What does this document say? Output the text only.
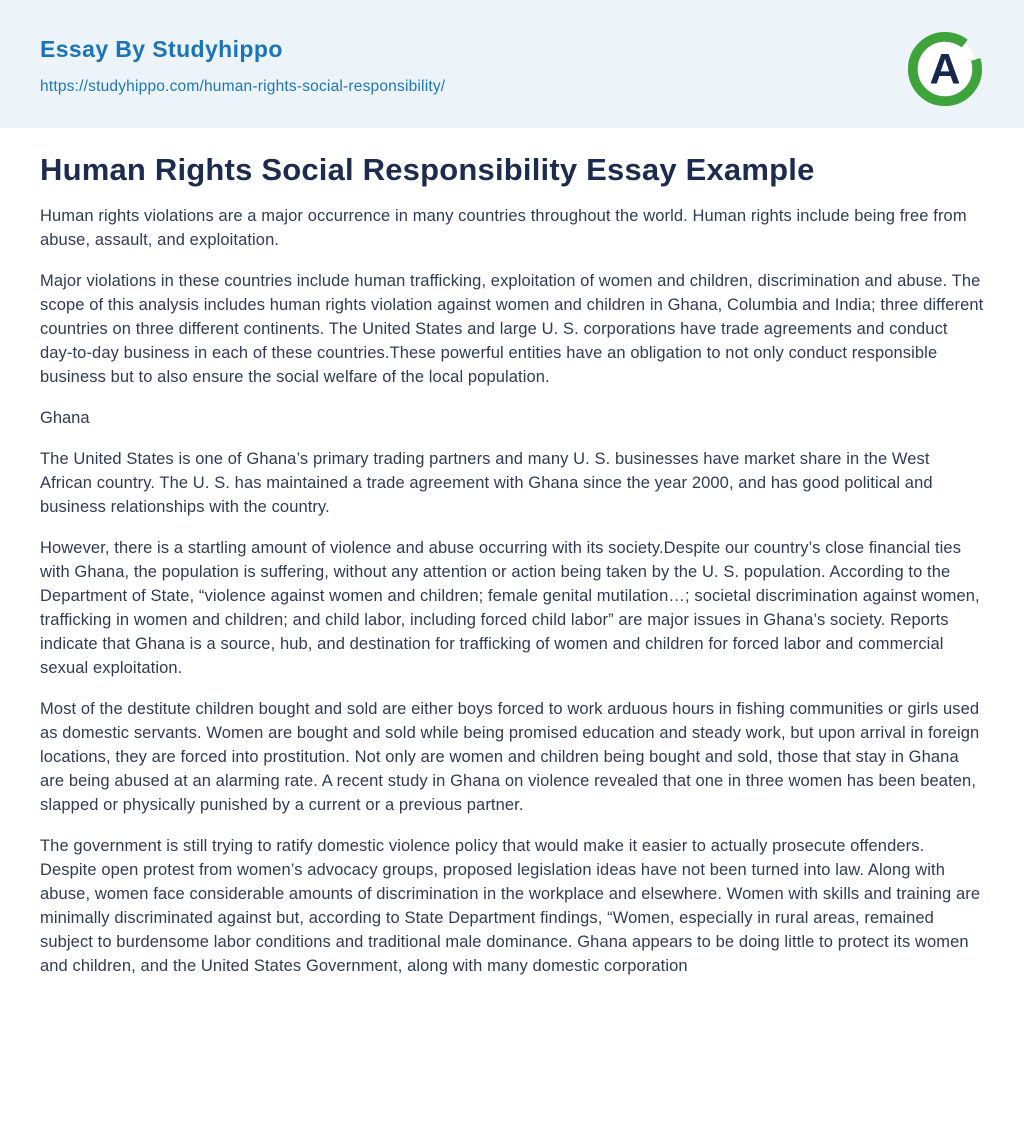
Essay By Studyhippo
https://studyhippo.com/human-rights-social-responsibility/	A
Human Rights Social Responsibility Essay Example

Human rights violations are a major occurrence in many countries throughout the world. Human rights include being free from abuse, assault, and exploitation.

Major violations in these countries include human trafficking, exploitation of women and children, discrimination and abuse. The scope of this analysis includes human rights violation against women and children in Ghana, Columbia and India; three different countries on three different continents. The United States and large U. S. corporations have trade agreements and conduct day-to-day business in each of these countries.These powerful entities have an obligation to not only conduct responsible business but to also ensure the social welfare of the local population.

Ghana

The United States is one of Ghana’s primary trading partners and many U. S. businesses have market share in the West African country. The U. S. has maintained a trade agreement with Ghana since the year 2000, and has good political and business relationships with the country.

However, there is a startling amount of violence and abuse occurring with its society.Despite our country’s close financial ties with Ghana, the population is suffering, without any attention or action being taken by the U. S. population. According to the Department of State, “violence against women and children; female genital mutilation…; societal discrimination against women, trafficking in women and children; and child labor, including forced child labor” are major issues in Ghana’s society. Reports indicate that Ghana is a source, hub, and destination for trafficking of women and children for forced labor and commercial sexual exploitation.

Most of the destitute children bought and sold are either boys forced to work arduous hours in fishing communities or girls used as domestic servants. Women are bought and sold while being promised education and steady work, but upon arrival in foreign locations, they are forced into prostitution. Not only are women and children being bought and sold, those that stay in Ghana are being abused at an alarming rate. A recent study in Ghana on violence revealed that one in three women has been beaten, slapped or physically punished by a current or a previous partner.

The government is still trying to ratify domestic violence policy that would make it easier to actually prosecute offenders. Despite open protest from women’s advocacy groups, proposed legislation ideas have not been turned into law. Along with abuse, women face considerable amounts of discrimination in the workplace and elsewhere. Women with skills and training are minimally discriminated against but, according to State Department findings, “Women, especially in rural areas, remained subject to burdensome labor conditions and traditional male dominance. Ghana appears to be doing little to protect its women and children, and the United States Government, along with many domestic corporation
